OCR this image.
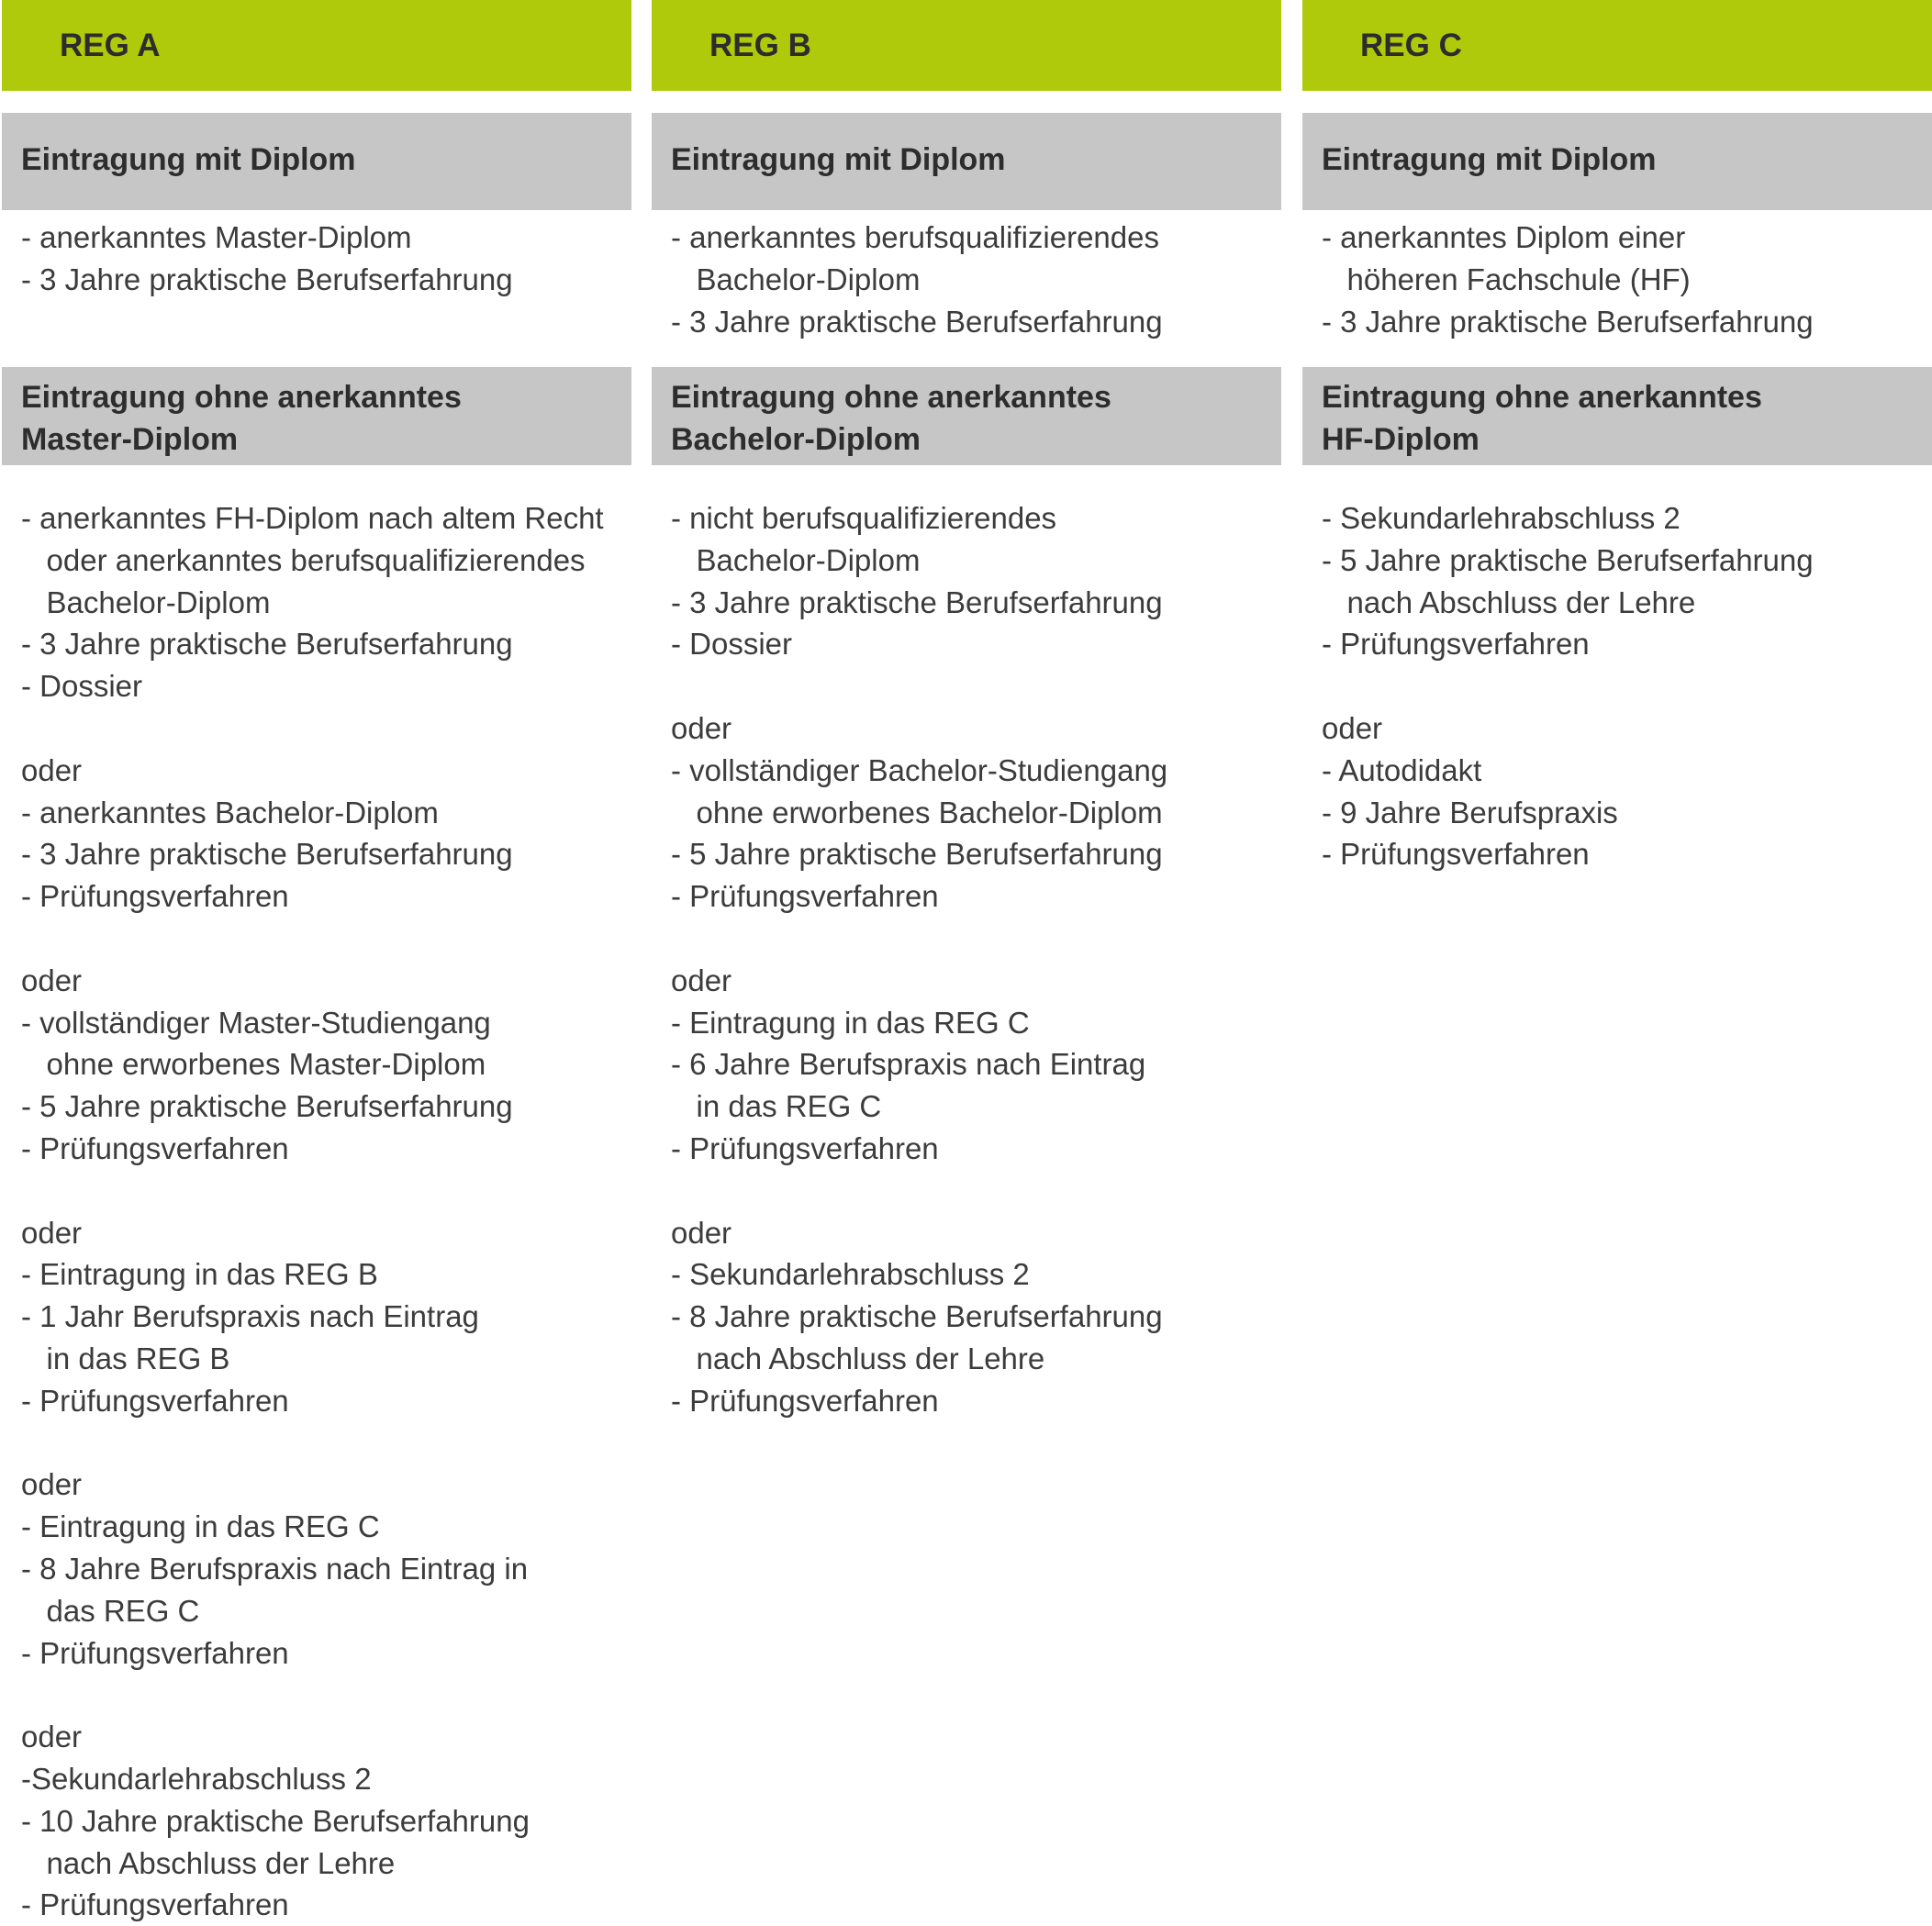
REG A
Eintragung mit Diplom
- anerkanntes Master-Diplom
- 3 Jahre praktische Berufserfahrung
Eintragung ohne anerkanntes
Master-Diplom
- anerkanntes FH-Diplom nach altem Recht
oder anerkanntes berufsqualifizierendes
Bachelor-Diplom
- 3 Jahre praktische Berufserfahrung
- Dossier

oder
- anerkanntes Bachelor-Diplom
- 3 Jahre praktische Berufserfahrung
- Prüfungsverfahren

oder
- vollständiger Master-Studiengang
ohne erworbenes Master-Diplom
- 5 Jahre praktische Berufserfahrung
- Prüfungsverfahren

oder
- Eintragung in das REG B
- 1 Jahr Berufspraxis nach Eintrag
in das REG B
- Prüfungsverfahren

oder
- Eintragung in das REG C
- 8 Jahre Berufspraxis nach Eintrag in
das REG C
- Prüfungsverfahren

oder
-Sekundarlehrabschluss 2
- 10 Jahre praktische Berufserfahrung
nach Abschluss der Lehre
- Prüfungsverfahren
REG B
Eintragung mit Diplom
- anerkanntes berufsqualifizierendes
Bachelor-Diplom
- 3 Jahre praktische Berufserfahrung
Eintragung ohne anerkanntes
Bachelor-Diplom
- nicht berufsqualifizierendes
Bachelor-Diplom
- 3 Jahre praktische Berufserfahrung
- Dossier

oder
- vollständiger Bachelor-Studiengang
ohne erworbenes Bachelor-Diplom
- 5 Jahre praktische Berufserfahrung
- Prüfungsverfahren

oder
- Eintragung in das REG C
- 6 Jahre Berufspraxis nach Eintrag
in das REG C
- Prüfungsverfahren

oder
- Sekundarlehrabschluss 2
- 8 Jahre praktische Berufserfahrung
nach Abschluss der Lehre
- Prüfungsverfahren
REG C
Eintragung mit Diplom
- anerkanntes Diplom einer
höheren Fachschule (HF)
- 3 Jahre praktische Berufserfahrung
Eintragung ohne anerkanntes
HF-Diplom
- Sekundarlehrabschluss 2
- 5 Jahre praktische Berufserfahrung
nach Abschluss der Lehre
- Prüfungsverfahren

oder
- Autodidakt
- 9 Jahre Berufspraxis
- Prüfungsverfahren
